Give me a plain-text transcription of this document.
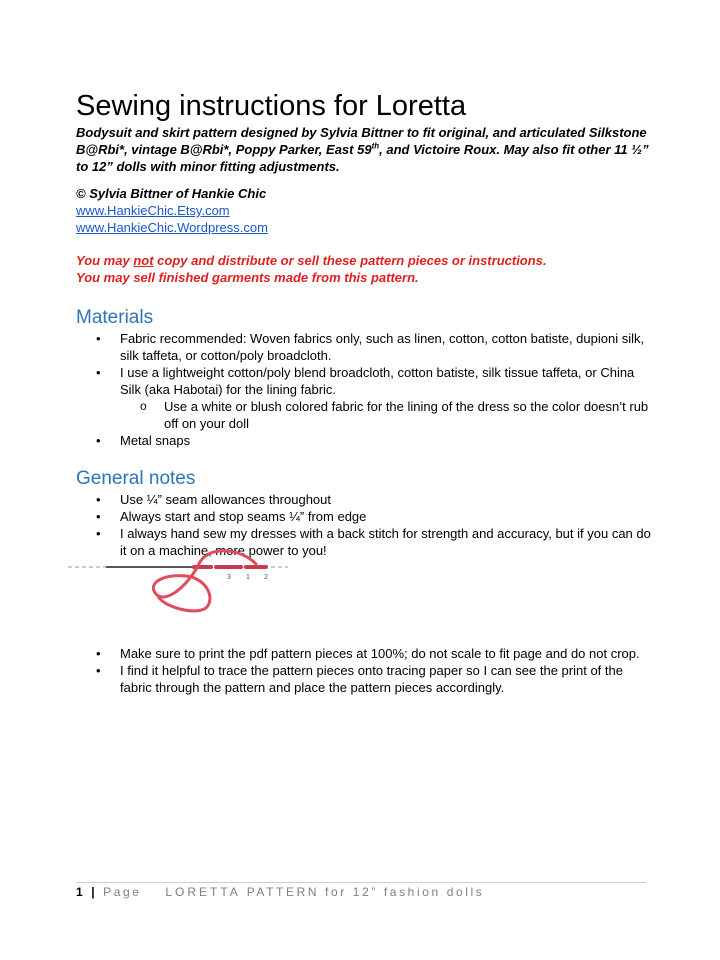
Sewing instructions for Loretta

Bodysuit and skirt pattern designed by Sylvia Bittner to fit original, and articulated Silkstone B@Rbi*, vintage B@Rbi*, Poppy Parker, East 59th, and Victoire Roux. May also fit other 11 ½” to 12” dolls with minor fitting adjustments.

© Sylvia Bittner of Hankie Chic
www.HankieChic.Etsy.com
www.HankieChic.Wordpress.com
You may not copy and distribute or sell these pattern pieces or instructions.
You may sell finished garments made from this pattern.
Materials
• Fabric recommended: Woven fabrics only, such as linen, cotton, cotton batiste, dupioni silk, silk taffeta, or cotton/poly broadcloth.
• I use a lightweight cotton/poly blend broadcloth, cotton batiste, silk tissue taffeta, or China Silk (aka Habotai) for the lining fabric.
o Use a white or blush colored fabric for the lining of the dress so the color doesn’t rub off on your doll
• Metal snaps
General notes
• Use ¼” seam allowances throughout
• Always start and stop seams ¼” from edge
• I always hand sew my dresses with a back stitch for strength and accuracy, but if you can do it on a machine, more power to you!
• Make sure to print the pdf pattern pieces at 100%; do not scale to fit page and do not crop.
• I find it helpful to trace the pattern pieces onto tracing paper so I can see the print of the fabric through the pattern and place the pattern pieces accordingly.
3 1 2
1 | Page LORETTA PATTERN for 12” fashion dolls
